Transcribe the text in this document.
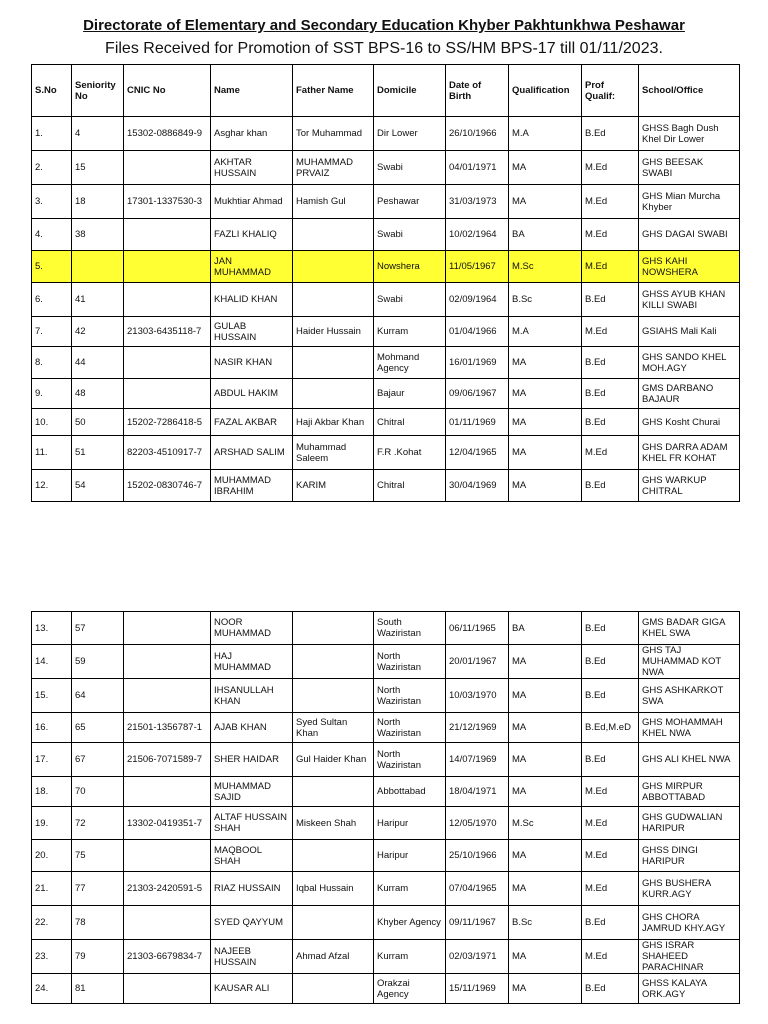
Directorate of Elementary and Secondary Education Khyber Pakhtunkhwa Peshawar
Files Received for Promotion of SST BPS-16 to SS/HM BPS-17 till 01/11/2023.
S.No	Seniority No	CNIC No	Name	Father Name	Domicile	Date of Birth	Qualification	Prof Qualif:	School/Office
1.	4	15302-0886849-9	Asghar khan	Tor Muhammad	Dir Lower	26/10/1966	M.A	B.Ed	GHSS Bagh Dush Khel Dir Lower
2.	15		AKHTAR HUSSAIN	MUHAMMAD PRVAIZ	Swabi	04/01/1971	MA	M.Ed	GHS BEESAK SWABI
3.	18	17301-1337530-3	Mukhtiar Ahmad	Hamish Gul	Peshawar	31/03/1973	MA	M.Ed	GHS Mian Murcha Khyber
4.	38		FAZLI KHALIQ		Swabi	10/02/1964	BA	M.Ed	GHS DAGAI SWABI
5.			JAN MUHAMMAD		Nowshera	11/05/1967	M.Sc	M.Ed	GHS KAHI NOWSHERA
6.	41		KHALID KHAN		Swabi	02/09/1964	B.Sc	B.Ed	GHSS AYUB KHAN KILLI SWABI
7.	42	21303-6435118-7	GULAB HUSSAIN	Haider Hussain	Kurram	01/04/1966	M.A	M.Ed	GSIAHS Mali Kali
8.	44		NASIR KHAN		Mohmand Agency	16/01/1969	MA	B.Ed	GHS SANDO KHEL MOH.AGY
9.	48		ABDUL HAKIM		Bajaur	09/06/1967	MA	B.Ed	GMS DARBANO BAJAUR
10.	50	15202-7286418-5	FAZAL AKBAR	Haji Akbar Khan	Chitral	01/11/1969	MA	B.Ed	GHS Kosht Churai
11.	51	82203-4510917-7	ARSHAD SALIM	Muhammad Saleem	F.R .Kohat	12/04/1965	MA	M.Ed	GHS DARRA ADAM KHEL FR KOHAT
12.	54	15202-0830746-7	MUHAMMAD IBRAHIM	KARIM	Chitral	30/04/1969	MA	B.Ed	GHS WARKUP CHITRAL
13.	57		NOOR MUHAMMAD		South Waziristan	06/11/1965	BA	B.Ed	GMS BADAR GIGA KHEL SWA
14.	59		HAJ MUHAMMAD		North Waziristan	20/01/1967	MA	B.Ed	GHS TAJ MUHAMMAD KOT NWA
15.	64		IHSANULLAH KHAN		North Waziristan	10/03/1970	MA	B.Ed	GHS ASHKARKOT SWA
16.	65	21501-1356787-1	AJAB KHAN	Syed Sultan Khan	North Waziristan	21/12/1969	MA	B.Ed,M.eD	GHS MOHAMMAH KHEL NWA
17.	67	21506-7071589-7	SHER HAIDAR	Gul Haider Khan	North Waziristan	14/07/1969	MA	B.Ed	GHS ALI KHEL NWA
18.	70		MUHAMMAD SAJID		Abbottabad	18/04/1971	MA	M.Ed	GHS MIRPUR ABBOTTABAD
19.	72	13302-0419351-7	ALTAF HUSSAIN SHAH	Miskeen Shah	Haripur	12/05/1970	M.Sc	M.Ed	GHS GUDWALIAN HARIPUR
20.	75		MAQBOOL SHAH		Haripur	25/10/1966	MA	M.Ed	GHSS DINGI HARIPUR
21.	77	21303-2420591-5	RIAZ HUSSAIN	Iqbal Hussain	Kurram	07/04/1965	MA	M.Ed	GHS BUSHERA KURR.AGY
22.	78		SYED QAYYUM		Khyber Agency	09/11/1967	B.Sc	B.Ed	GHS CHORA JAMRUD KHY.AGY
23.	79	21303-6679834-7	NAJEEB HUSSAIN	Ahmad Afzal	Kurram	02/03/1971	MA	M.Ed	GHS ISRAR SHAHEED PARACHINAR
24.	81		KAUSAR ALI		Orakzai Agency	15/11/1969	MA	B.Ed	GHSS KALAYA ORK.AGY
